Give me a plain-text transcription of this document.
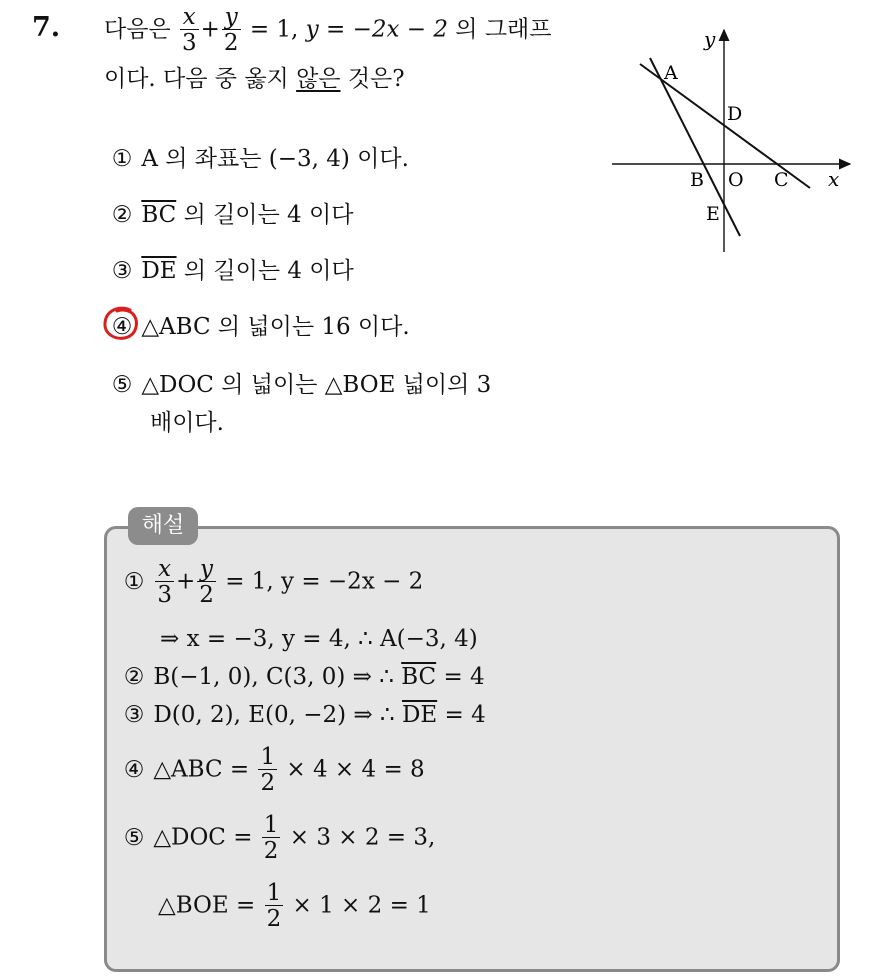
7. 다음은 $\frac{x}{3} + \frac{y}{2} = 1$, y = −2x − 2 의 그래프
이다. 다음 중 옳지 않은 것은?
① A 의 좌표는 (−3, 4) 이다.
② $\overline{BC}$ 의 길이는 4 이다
③ $\overline{DE}$ 의 길이는 4 이다
④ △ABC 의 넓이는 16 이다.
⑤ △DOC 의 넓이는 △BOE 넓이의 3
배이다.
y
x
A
D
B O C
E
해설
① $\frac{x}{3} + \frac{y}{2} = 1$, y = −2x − 2
⇒ x = −3, y = 4, ∴ A(−3, 4)
② B(−1, 0), C(3, 0) ⇒ ∴ $\overline{BC} = 4$
③ D(0, 2), E(0, −2) ⇒ ∴ $\overline{DE} = 4$
④ △ABC = $\frac{1}{2} \times 4 \times 4 = 8$
⑤ △DOC = $\frac{1}{2} \times 3 \times 2 = 3$,
△BOE = $\frac{1}{2} \times 1 \times 2 = 1$
